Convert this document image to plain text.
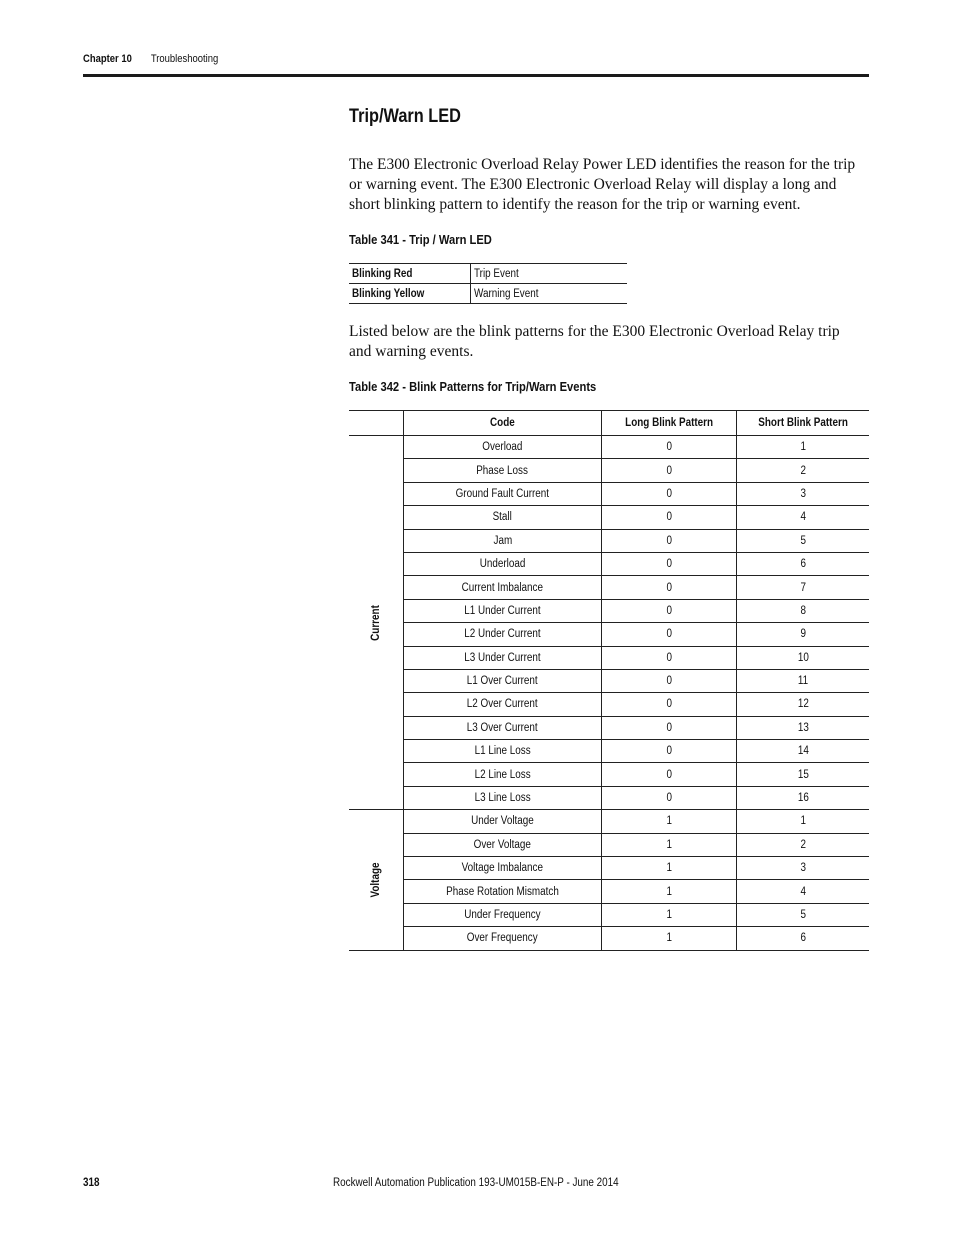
Chapter 10 Troubleshooting
Trip/Warn LED

The E300 Electronic Overload Relay Power LED identifies the reason for the trip or warning event. The E300 Electronic Overload Relay will display a long and short blinking pattern to identify the reason for the trip or warning event.

Table 341 - Trip / Warn LED

Blinking Red	Trip Event
Blinking Yellow	Warning Event

Listed below are the blink patterns for the E300 Electronic Overload Relay trip and warning events.

Table 342 - Blink Patterns for Trip/Warn Events

	Code	Long Blink Pattern	Short Blink Pattern

Current	Overload	0	1
	Phase Loss	0	2
	Ground Fault Current	0	3
	Stall	0	4
	Jam	0	5
	Underload	0	6
	Current Imbalance	0	7
	L1 Under Current	0	8
	L2 Under Current	0	9
	L3 Under Current	0	10
	L1 Over Current	0	11
	L2 Over Current	0	12
	L3 Over Current	0	13
	L1 Line Loss	0	14
	L2 Line Loss	0	15
	L3 Line Loss	0	16

Voltage	Under Voltage	1	1
	Over Voltage	1	2
	Voltage Imbalance	1	3
	Phase Rotation Mismatch	1	4
	Under Frequency	1	5
	Over Frequency	1	6
318	Rockwell Automation Publication 193-UM015B-EN-P - June 2014
